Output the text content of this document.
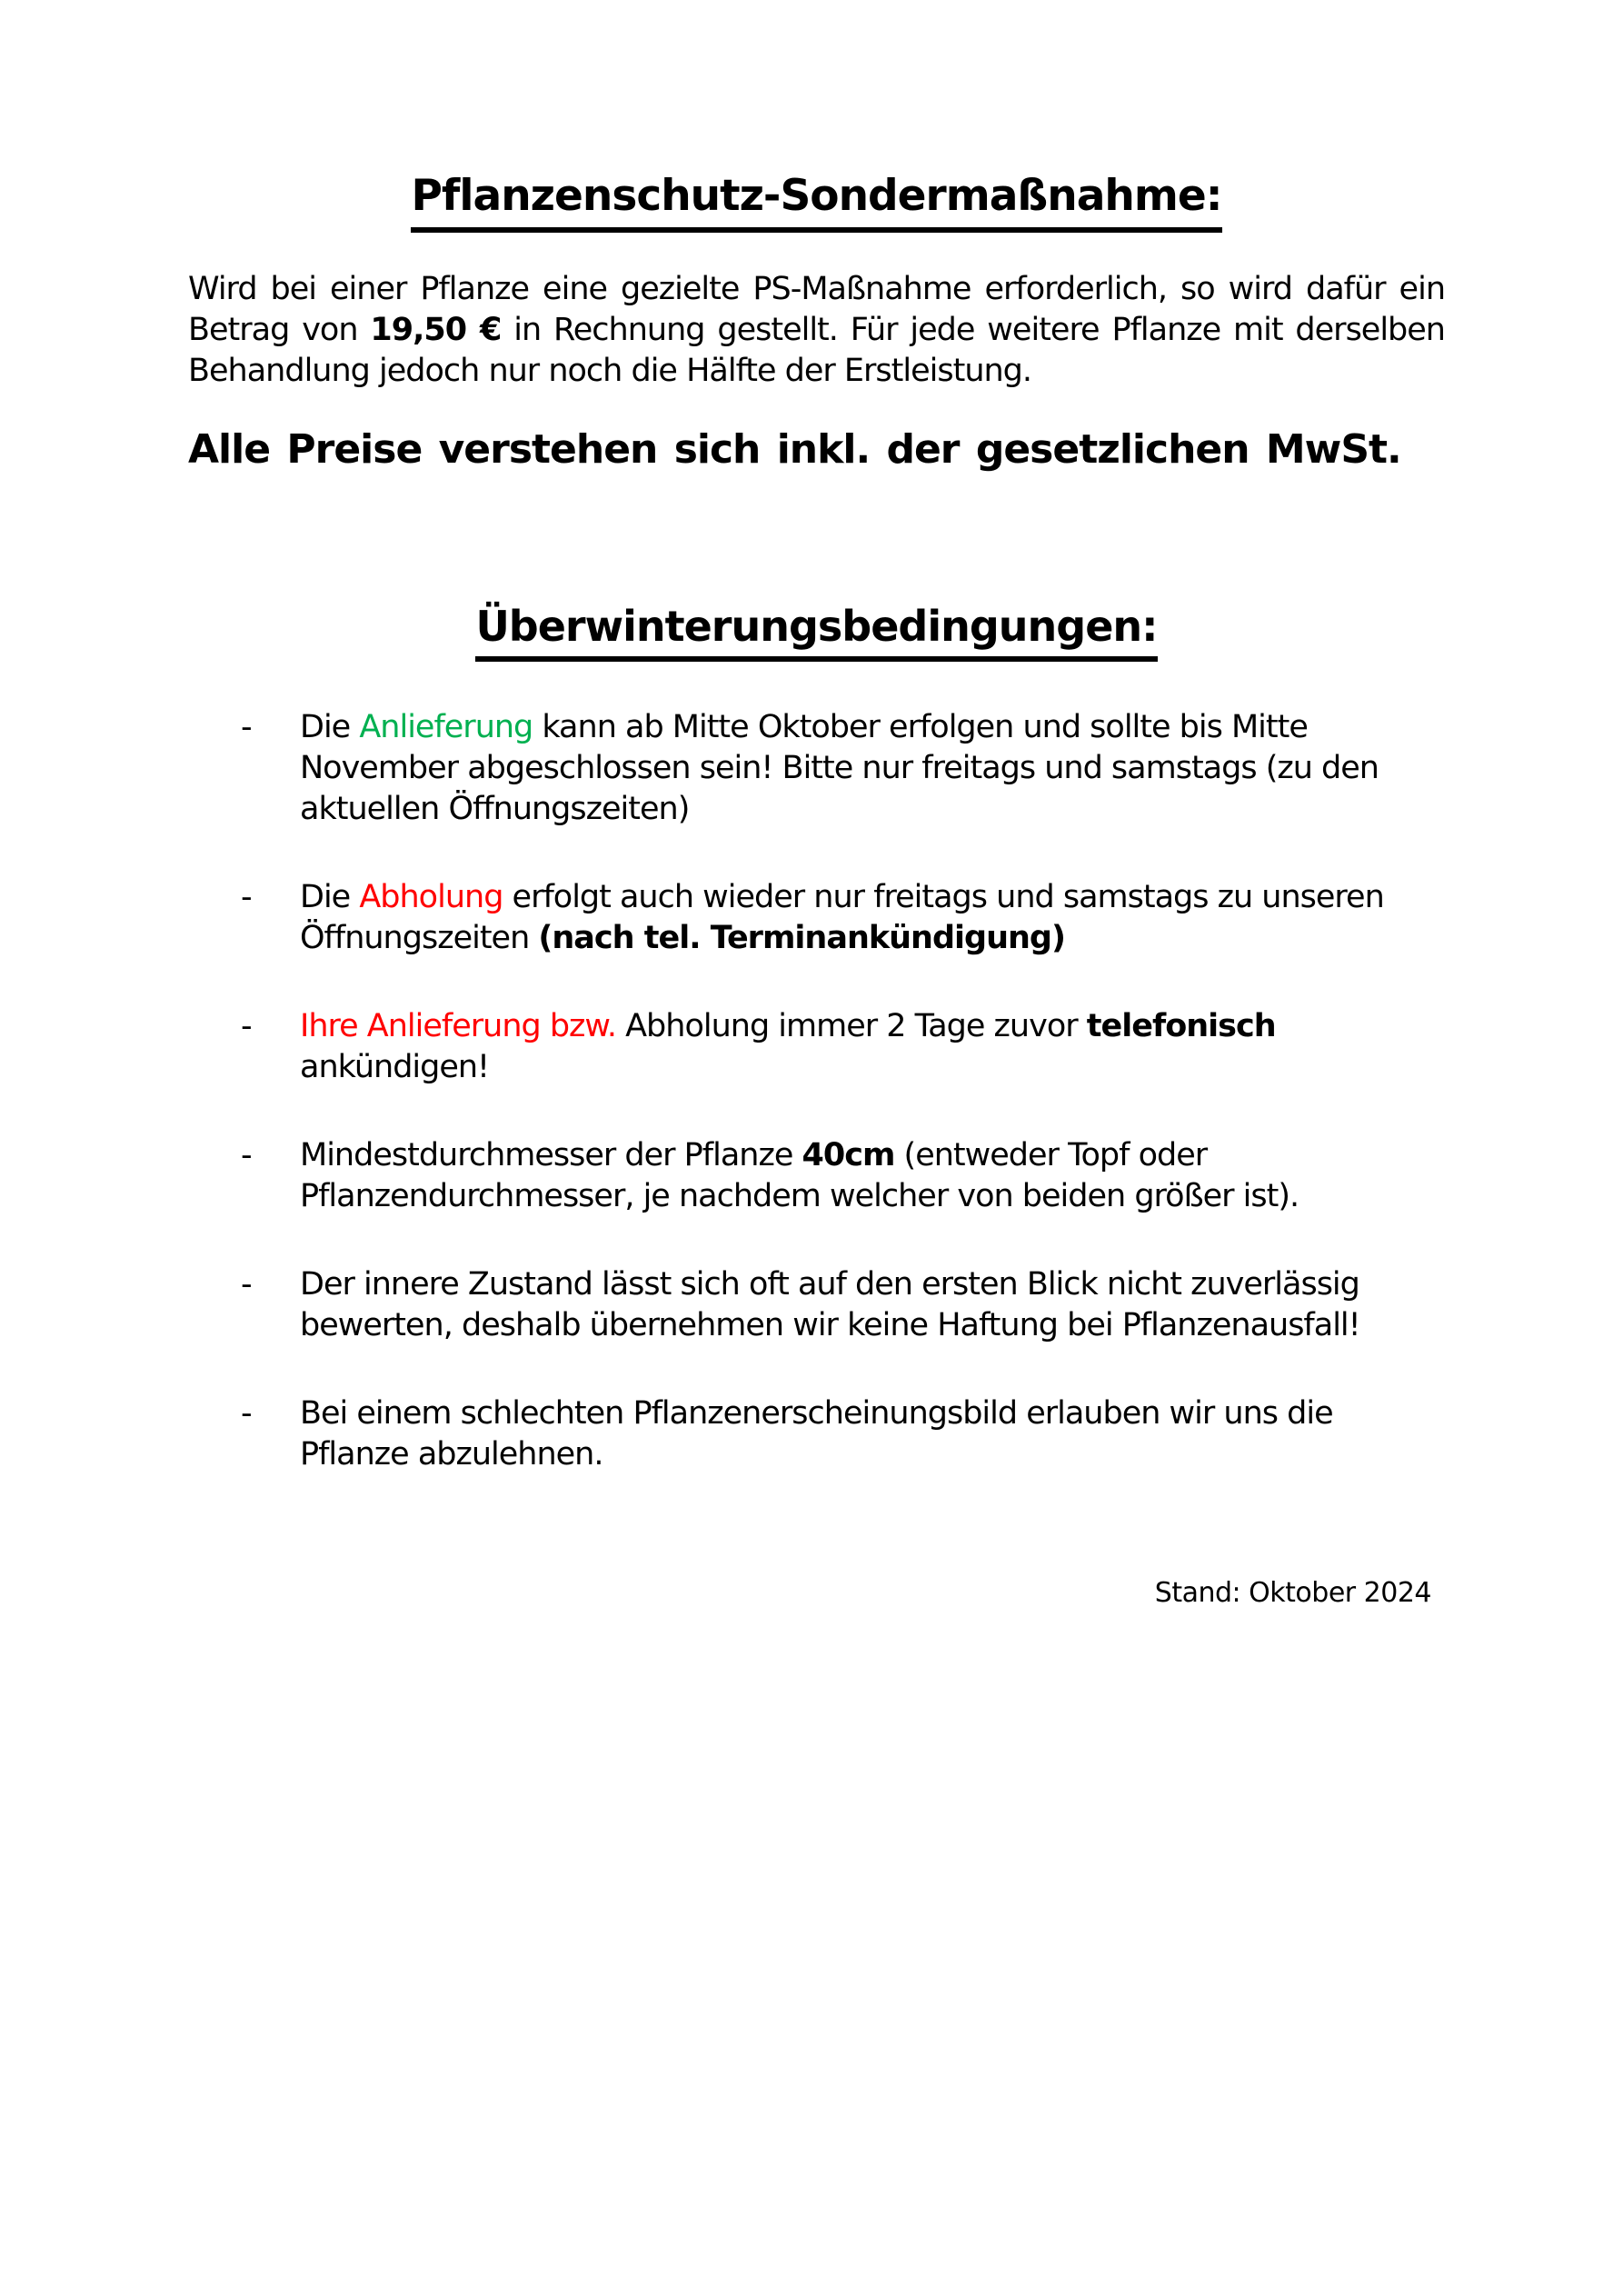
Pflanzenschutz-Sondermaßnahme:

Wird bei einer Pflanze eine gezielte PS-Maßnahme erforderlich, so wird dafür ein Betrag von 19,50 € in Rechnung gestellt. Für jede weitere Pflanze mit derselben Behandlung jedoch nur noch die Hälfte der Erstleistung.

Alle Preise verstehen sich inkl. der gesetzlichen MwSt.

Überwinterungsbedingungen:
-	Die Anlieferung kann ab Mitte Oktober erfolgen und sollte bis Mitte November abgeschlossen sein! Bitte nur freitags und samstags (zu den aktuellen Öffnungszeiten)
-	Die Abholung erfolgt auch wieder nur freitags und samstags zu unseren Öffnungszeiten (nach tel. Terminankündigung)
-	Ihre Anlieferung bzw. Abholung immer 2 Tage zuvor telefonisch ankündigen!
-	Mindestdurchmesser der Pflanze 40cm (entweder Topf oder Pflanzendurchmesser, je nachdem welcher von beiden größer ist).
-	Der innere Zustand lässt sich oft auf den ersten Blick nicht zuverlässig bewerten, deshalb übernehmen wir keine Haftung bei Pflanzenausfall!
-	Bei einem schlechten Pflanzenerscheinungsbild erlauben wir uns die Pflanze abzulehnen.
Stand: Oktober 2024
